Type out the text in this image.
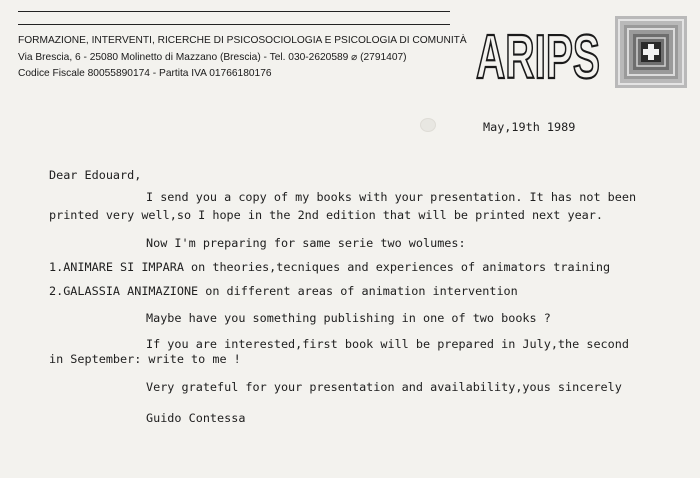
FORMAZIONE, INTERVENTI, RICERCHE DI PSICOSOCIOLOGIA E PSICOLOGIA DI COMUNITÀ
Via Brescia, 6 - 25080 Molinetto di Mazzano (Brescia) - Tel. 030-2620589 ⌀ (2791407)
Codice Fiscale 80055890174 - Partita IVA 01766180176	ARIPS
May,19th 1989
Dear Edouard,
I send you a copy of my books with your presentation. It has not been
printed very well,so I hope in the 2nd edition that will be printed next year.
Now I'm preparing for same serie two wolumes:
1.ANIMARE SI IMPARA on theories,tecniques and experiences of animators training
2.GALASSIA ANIMAZIONE on different areas of animation intervention
Maybe have you something publishing in one of two books ?
If you are interested,first book will be prepared in July,the second
in September: write to me !
Very grateful for your presentation and availability,yous sincerely
Guido Contessa
